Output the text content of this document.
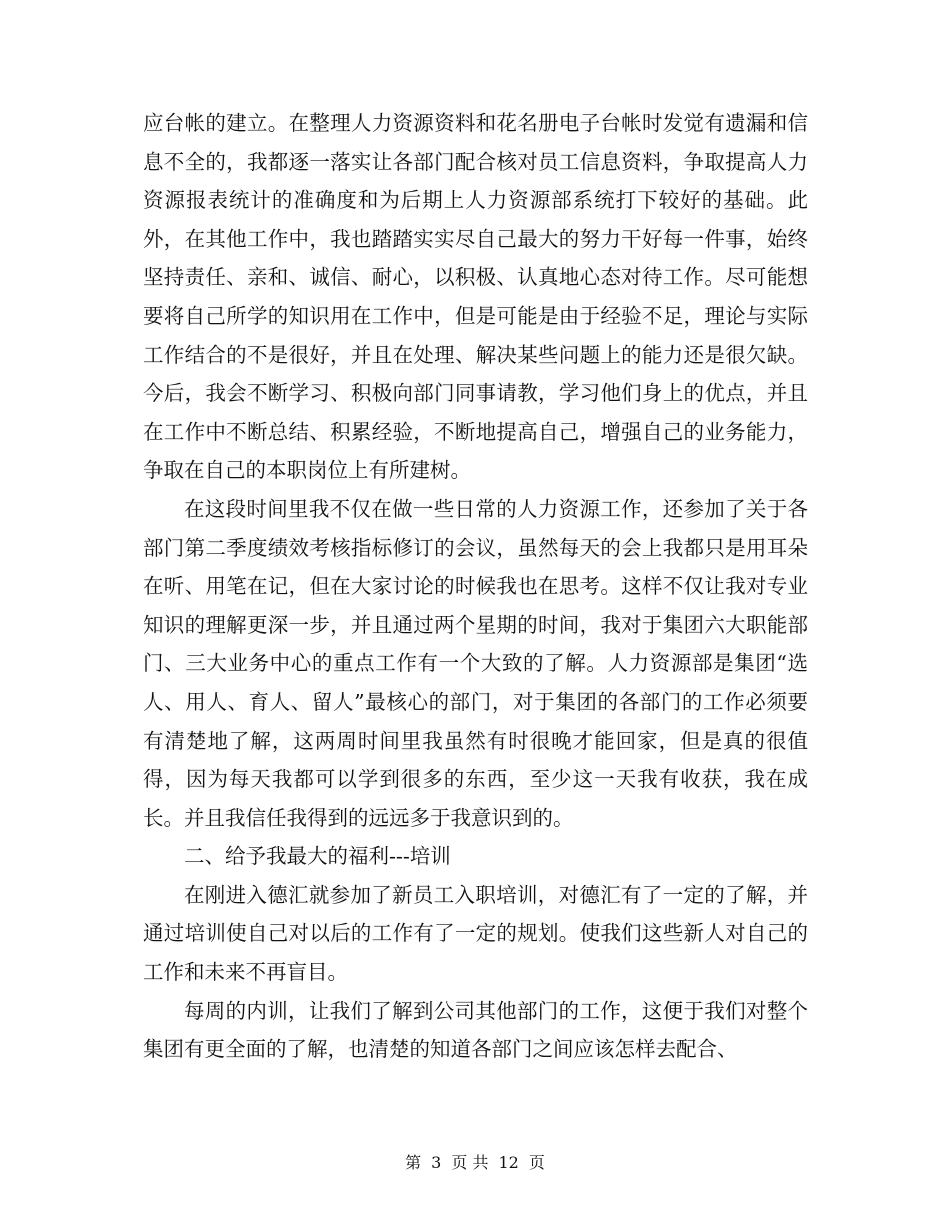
应台帐的建立。在整理人力资源资料和花名册电子台帐时发觉有遗漏和信息不全的，我都逐一落实让各部门配合核对员工信息资料，争取提高人力资源报表统计的准确度和为后期上人力资源部系统打下较好的基础。此外，在其他工作中，我也踏踏实实尽自己最大的努力干好每一件事，始终坚持责任、亲和、诚信、耐心，以积极、认真地心态对待工作。尽可能想要将自己所学的知识用在工作中，但是可能是由于经验不足，理论与实际工作结合的不是很好，并且在处理、解决某些问题上的能力还是很欠缺。今后，我会不断学习、积极向部门同事请教，学习他们身上的优点，并且在工作中不断总结、积累经验，不断地提高自己，增强自己的业务能力，争取在自己的本职岗位上有所建树。

在这段时间里我不仅在做一些日常的人力资源工作，还参加了关于各部门第二季度绩效考核指标修订的会议，虽然每天的会上我都只是用耳朵在听、用笔在记，但在大家讨论的时候我也在思考。这样不仅让我对专业知识的理解更深一步，并且通过两个星期的时间，我对于集团六大职能部门、三大业务中心的重点工作有一个大致的了解。人力资源部是集团“选人、用人、育人、留人”最核心的部门，对于集团的各部门的工作必须要有清楚地了解，这两周时间里我虽然有时很晚才能回家，但是真的很值得，因为每天我都可以学到很多的东西，至少这一天我有收获，我在成长。并且我信任我得到的远远多于我意识到的。

二、给予我最大的福利---培训

在刚进入德汇就参加了新员工入职培训，对德汇有了一定的了解，并通过培训使自己对以后的工作有了一定的规划。使我们这些新人对自己的工作和未来不再盲目。

每周的内训，让我们了解到公司其他部门的工作，这便于我们对整个集团有更全面的了解，也清楚的知道各部门之间应该怎样去配合、

第 3 页 共 12 页
